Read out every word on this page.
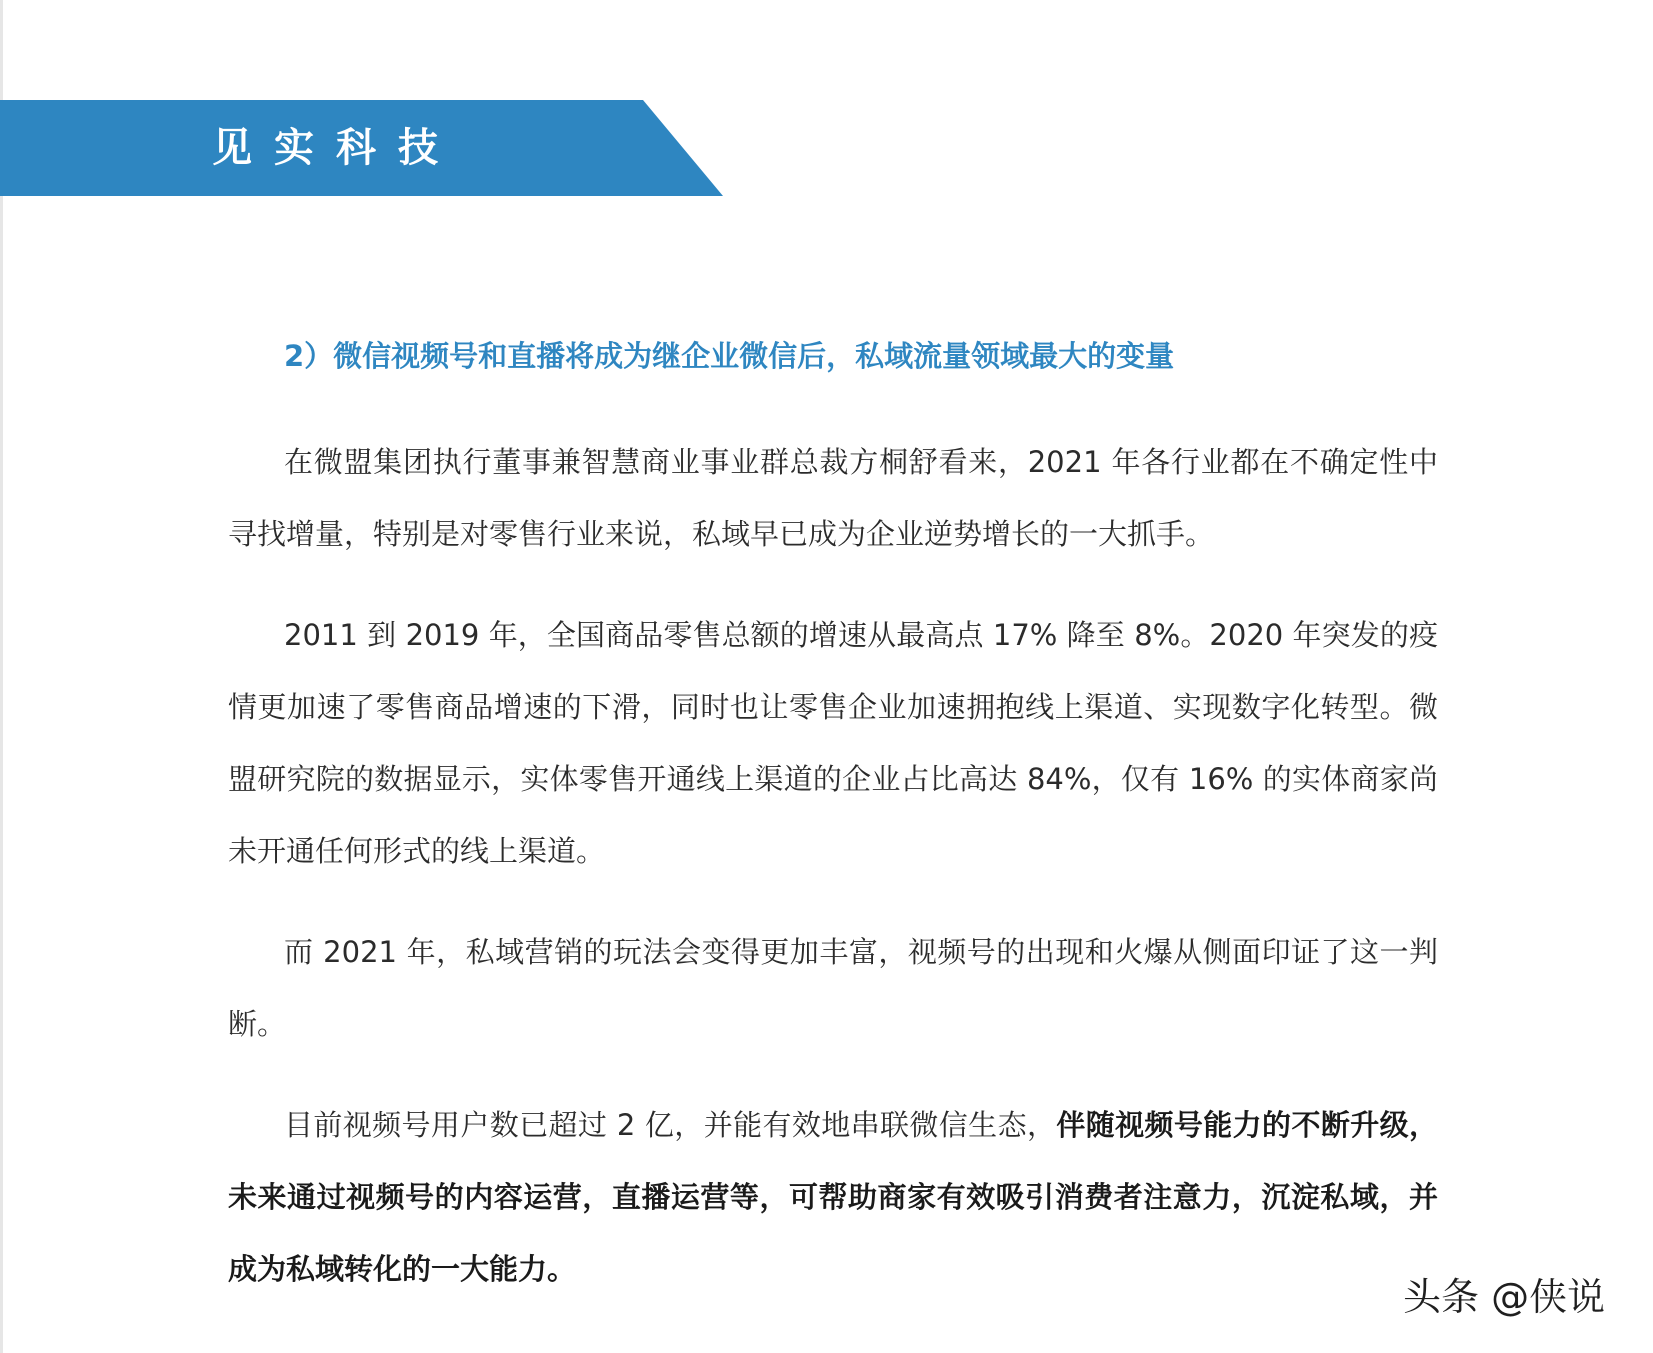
见实科技
2）微信视频号和直播将成为继企业微信后，私域流量领域最大的变量

在微盟集团执行董事兼智慧商业事业群总裁方桐舒看来，2021 年各行业都在不确定性中寻找增量，特别是对零售行业来说，私域早已成为企业逆势增长的一大抓手。

2011 到 2019 年，全国商品零售总额的增速从最高点 17% 降至 8%。2020 年突发的疫情更加速了零售商品增速的下滑，同时也让零售企业加速拥抱线上渠道、实现数字化转型。微盟研究院的数据显示，实体零售开通线上渠道的企业占比高达 84%，仅有 16% 的实体商家尚未开通任何形式的线上渠道。

而 2021 年，私域营销的玩法会变得更加丰富，视频号的出现和火爆从侧面印证了这一判断。

目前视频号用户数已超过 2 亿，并能有效地串联微信生态，伴随视频号能力的不断升级，未来通过视频号的内容运营，直播运营等，可帮助商家有效吸引消费者注意力，沉淀私域，并成为私域转化的一大能力。

头条 @侠说
